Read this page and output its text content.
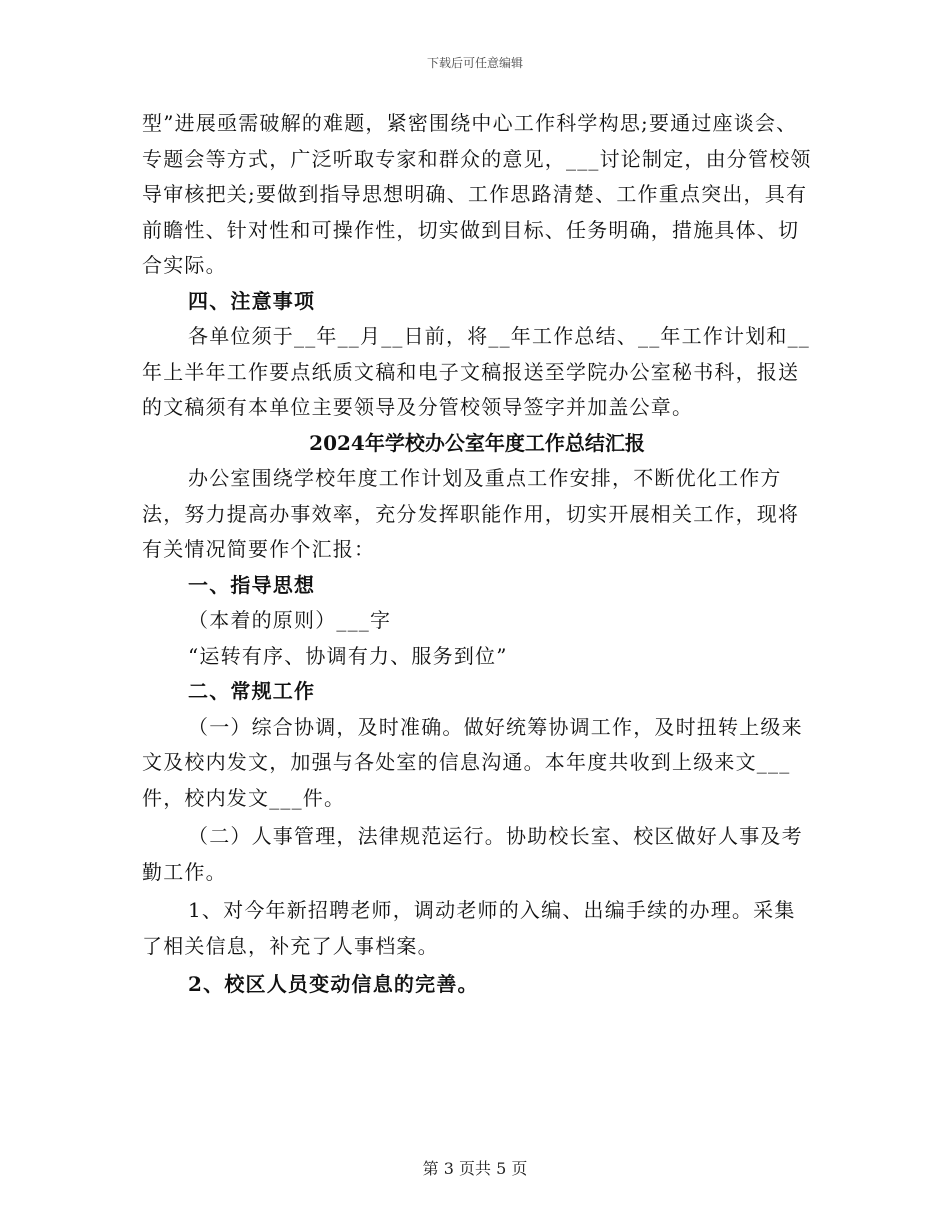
下载后可任意编辑

型”进展亟需破解的难题，紧密围绕中心工作科学构思;要通过座谈会、专题会等方式，广泛听取专家和群众的意见，___讨论制定，由分管校领导审核把关;要做到指导思想明确、工作思路清楚、工作重点突出，具有前瞻性、针对性和可操作性，切实做到目标、任务明确，措施具体、切合实际。

四、注意事项

各单位须于__年__月__日前，将__年工作总结、__年工作计划和__年上半年工作要点纸质文稿和电子文稿报送至学院办公室秘书科，报送的文稿须有本单位主要领导及分管校领导签字并加盖公章。

2024年学校办公室年度工作总结汇报

办公室围绕学校年度工作计划及重点工作安排，不断优化工作方法，努力提高办事效率，充分发挥职能作用，切实开展相关工作，现将有关情况简要作个汇报：

一、指导思想

（本着的原则）___字

“运转有序、协调有力、服务到位”

二、常规工作

（一）综合协调，及时准确。做好统筹协调工作，及时扭转上级来文及校内发文，加强与各处室的信息沟通。本年度共收到上级来文___件，校内发文___件。

（二）人事管理，法律规范运行。协助校长室、校区做好人事及考勤工作。

1、对今年新招聘老师，调动老师的入编、出编手续的办理。采集了相关信息，补充了人事档案。

2、校区人员变动信息的完善。

第 3 页共 5 页
